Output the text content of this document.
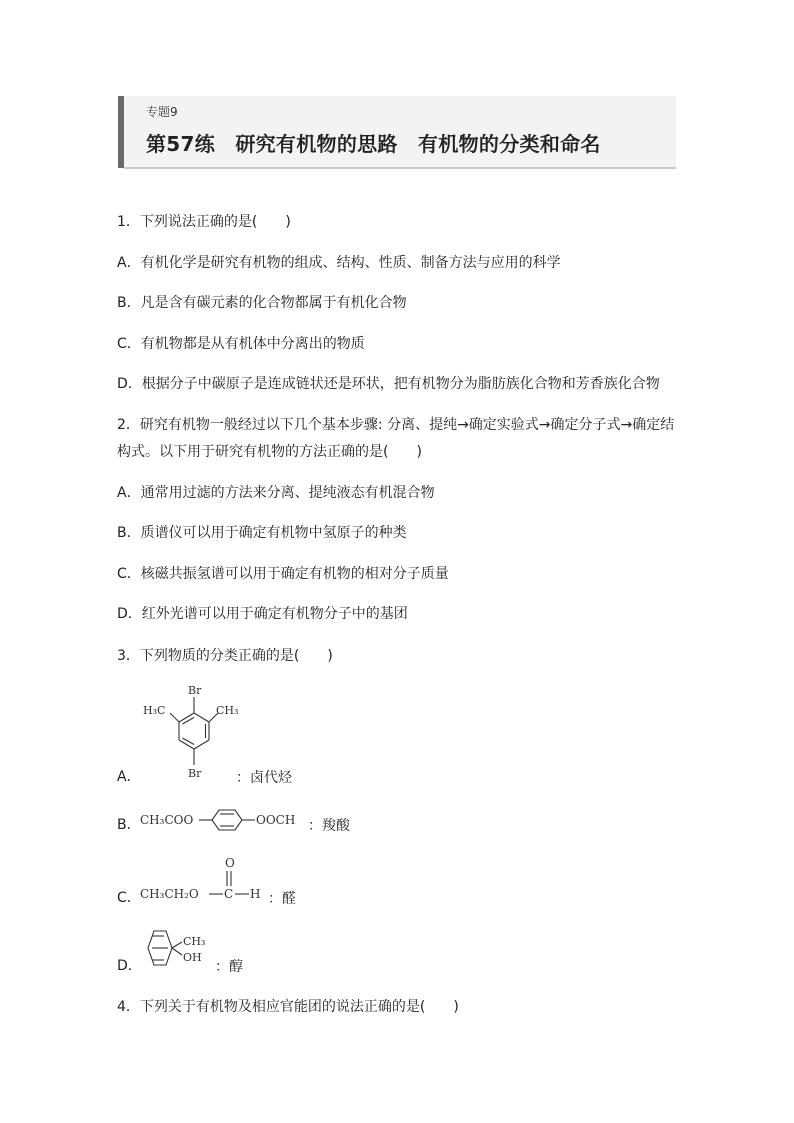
专题9
第57练　研究有机物的思路　有机物的分类和命名
1．下列说法正确的是(　　)
A．有机化学是研究有机物的组成、结构、性质、制备方法与应用的科学
B．凡是含有碳元素的化合物都属于有机化合物
C．有机物都是从有机体中分离出的物质
D．根据分子中碳原子是连成链状还是环状，把有机物分为脂肪族化合物和芳香族化合物
2．研究有机物一般经过以下几个基本步骤: 分离、提纯→确定实验式→确定分子式→确定结
构式。以下用于研究有机物的方法正确的是(　　)
A．通常用过滤的方法来分离、提纯液态有机混合物
B．质谱仪可以用于确定有机物中氢原子的种类
C．核磁共振氢谱可以用于确定有机物的相对分子质量
D．红外光谱可以用于确定有机物分子中的基团
3．下列物质的分类正确的是(　　)
A．
Br
Br
H₃C	CH₃
：卤代烃
B． CH₃COO	OOCH ：羧酸
C．
O
CH₃CH₂O C H ：醛
D．
CH₃
OH
：醇
4．下列关于有机物及相应官能团的说法正确的是(　　)
